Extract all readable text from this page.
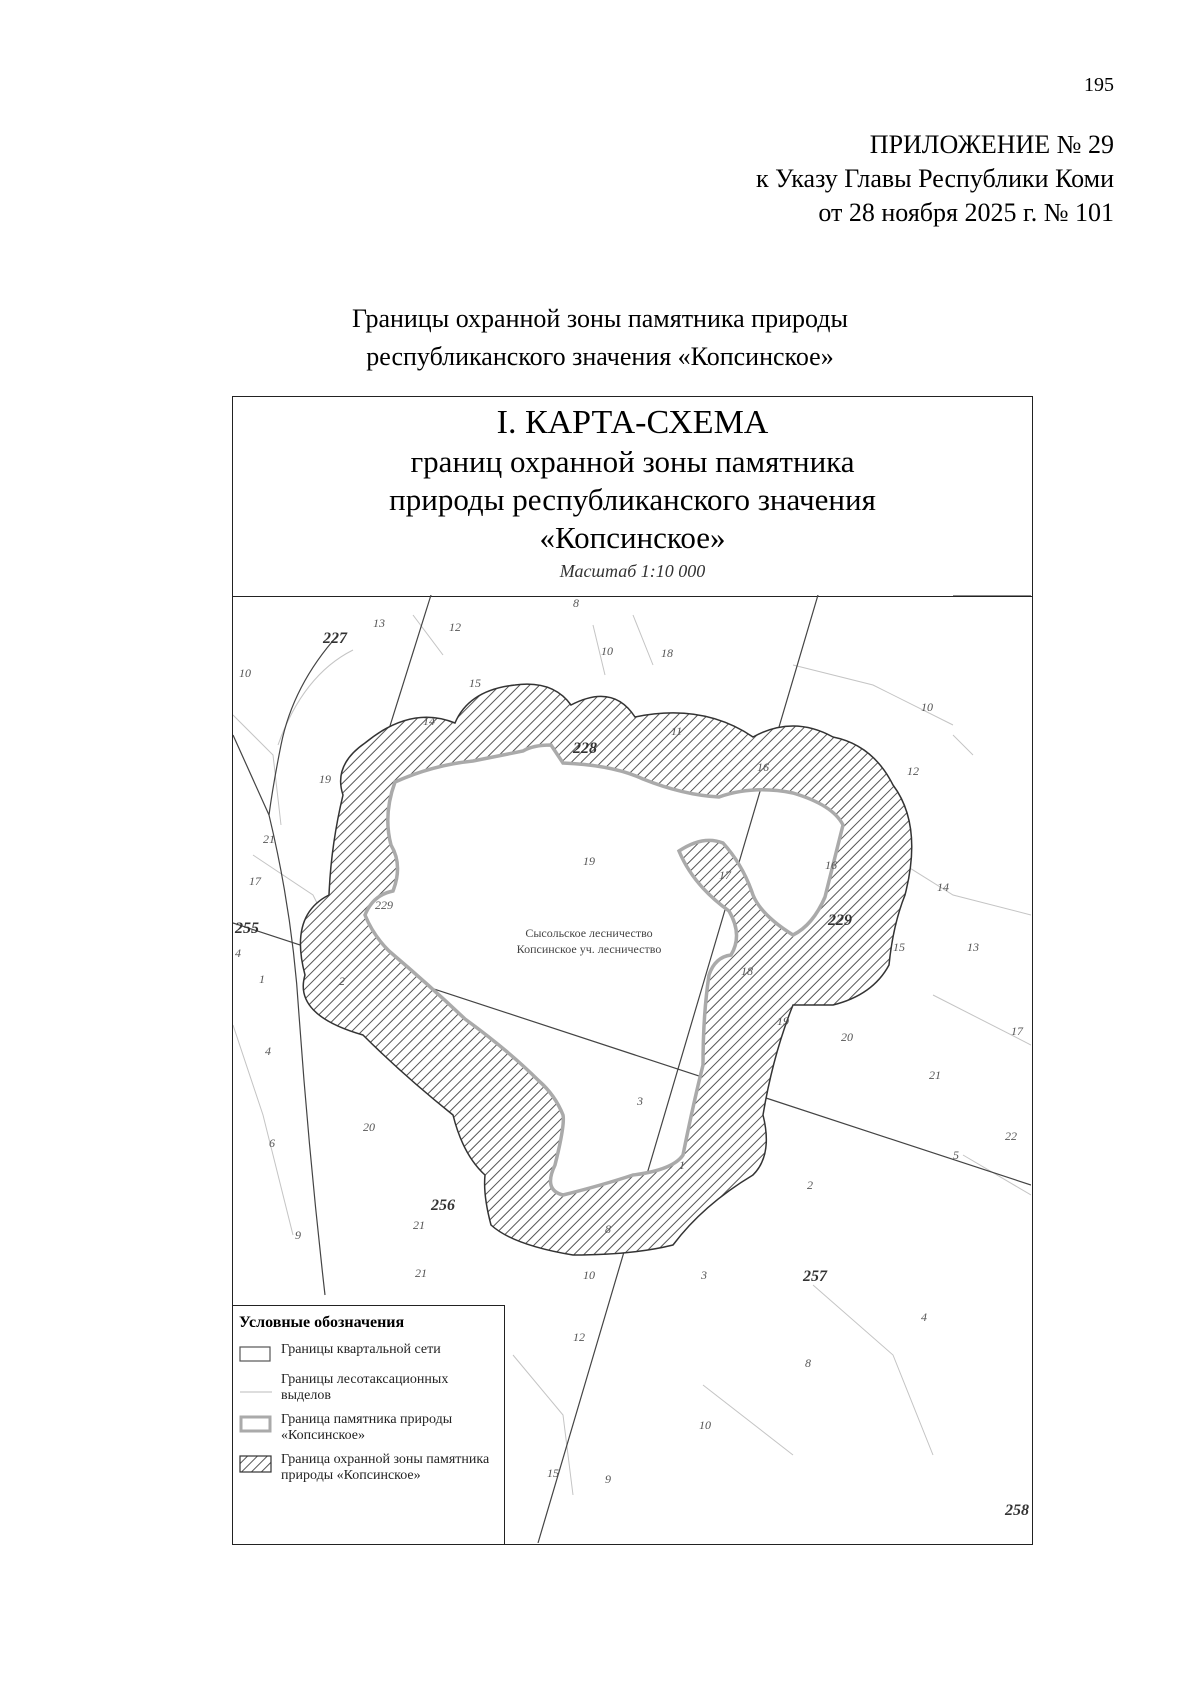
195
ПРИЛОЖЕНИЕ № 29
к Указу Главы Республики Коми
от 28 ноября 2025 г. № 101
Границы охранной зоны памятника природы
республиканского значения «Копсинское»
I. КАРТА-СХЕМА
границ охранной зоны памятника
природы республиканского значения
«Копсинское»
Масштаб 1:10 000
227
228
229
255
256
257
258
8
13	12
10	18
10
15
14
11
16
10
19
21
17
19
17
16
12
229
14
18
13
15
2
19
20	17
21
4
1
4
3
20
22
6
1
2
5
21
9	8
10	3
4
12
8
10
15	9
21
Сысольское лесничество
Копсинское уч. лесничество
Условные обозначения
Границы квартальной сети
Границы лесотаксационных выделов
Граница памятника природы «Копсинское»
Граница охранной зоны памятника природы «Копсинское»
